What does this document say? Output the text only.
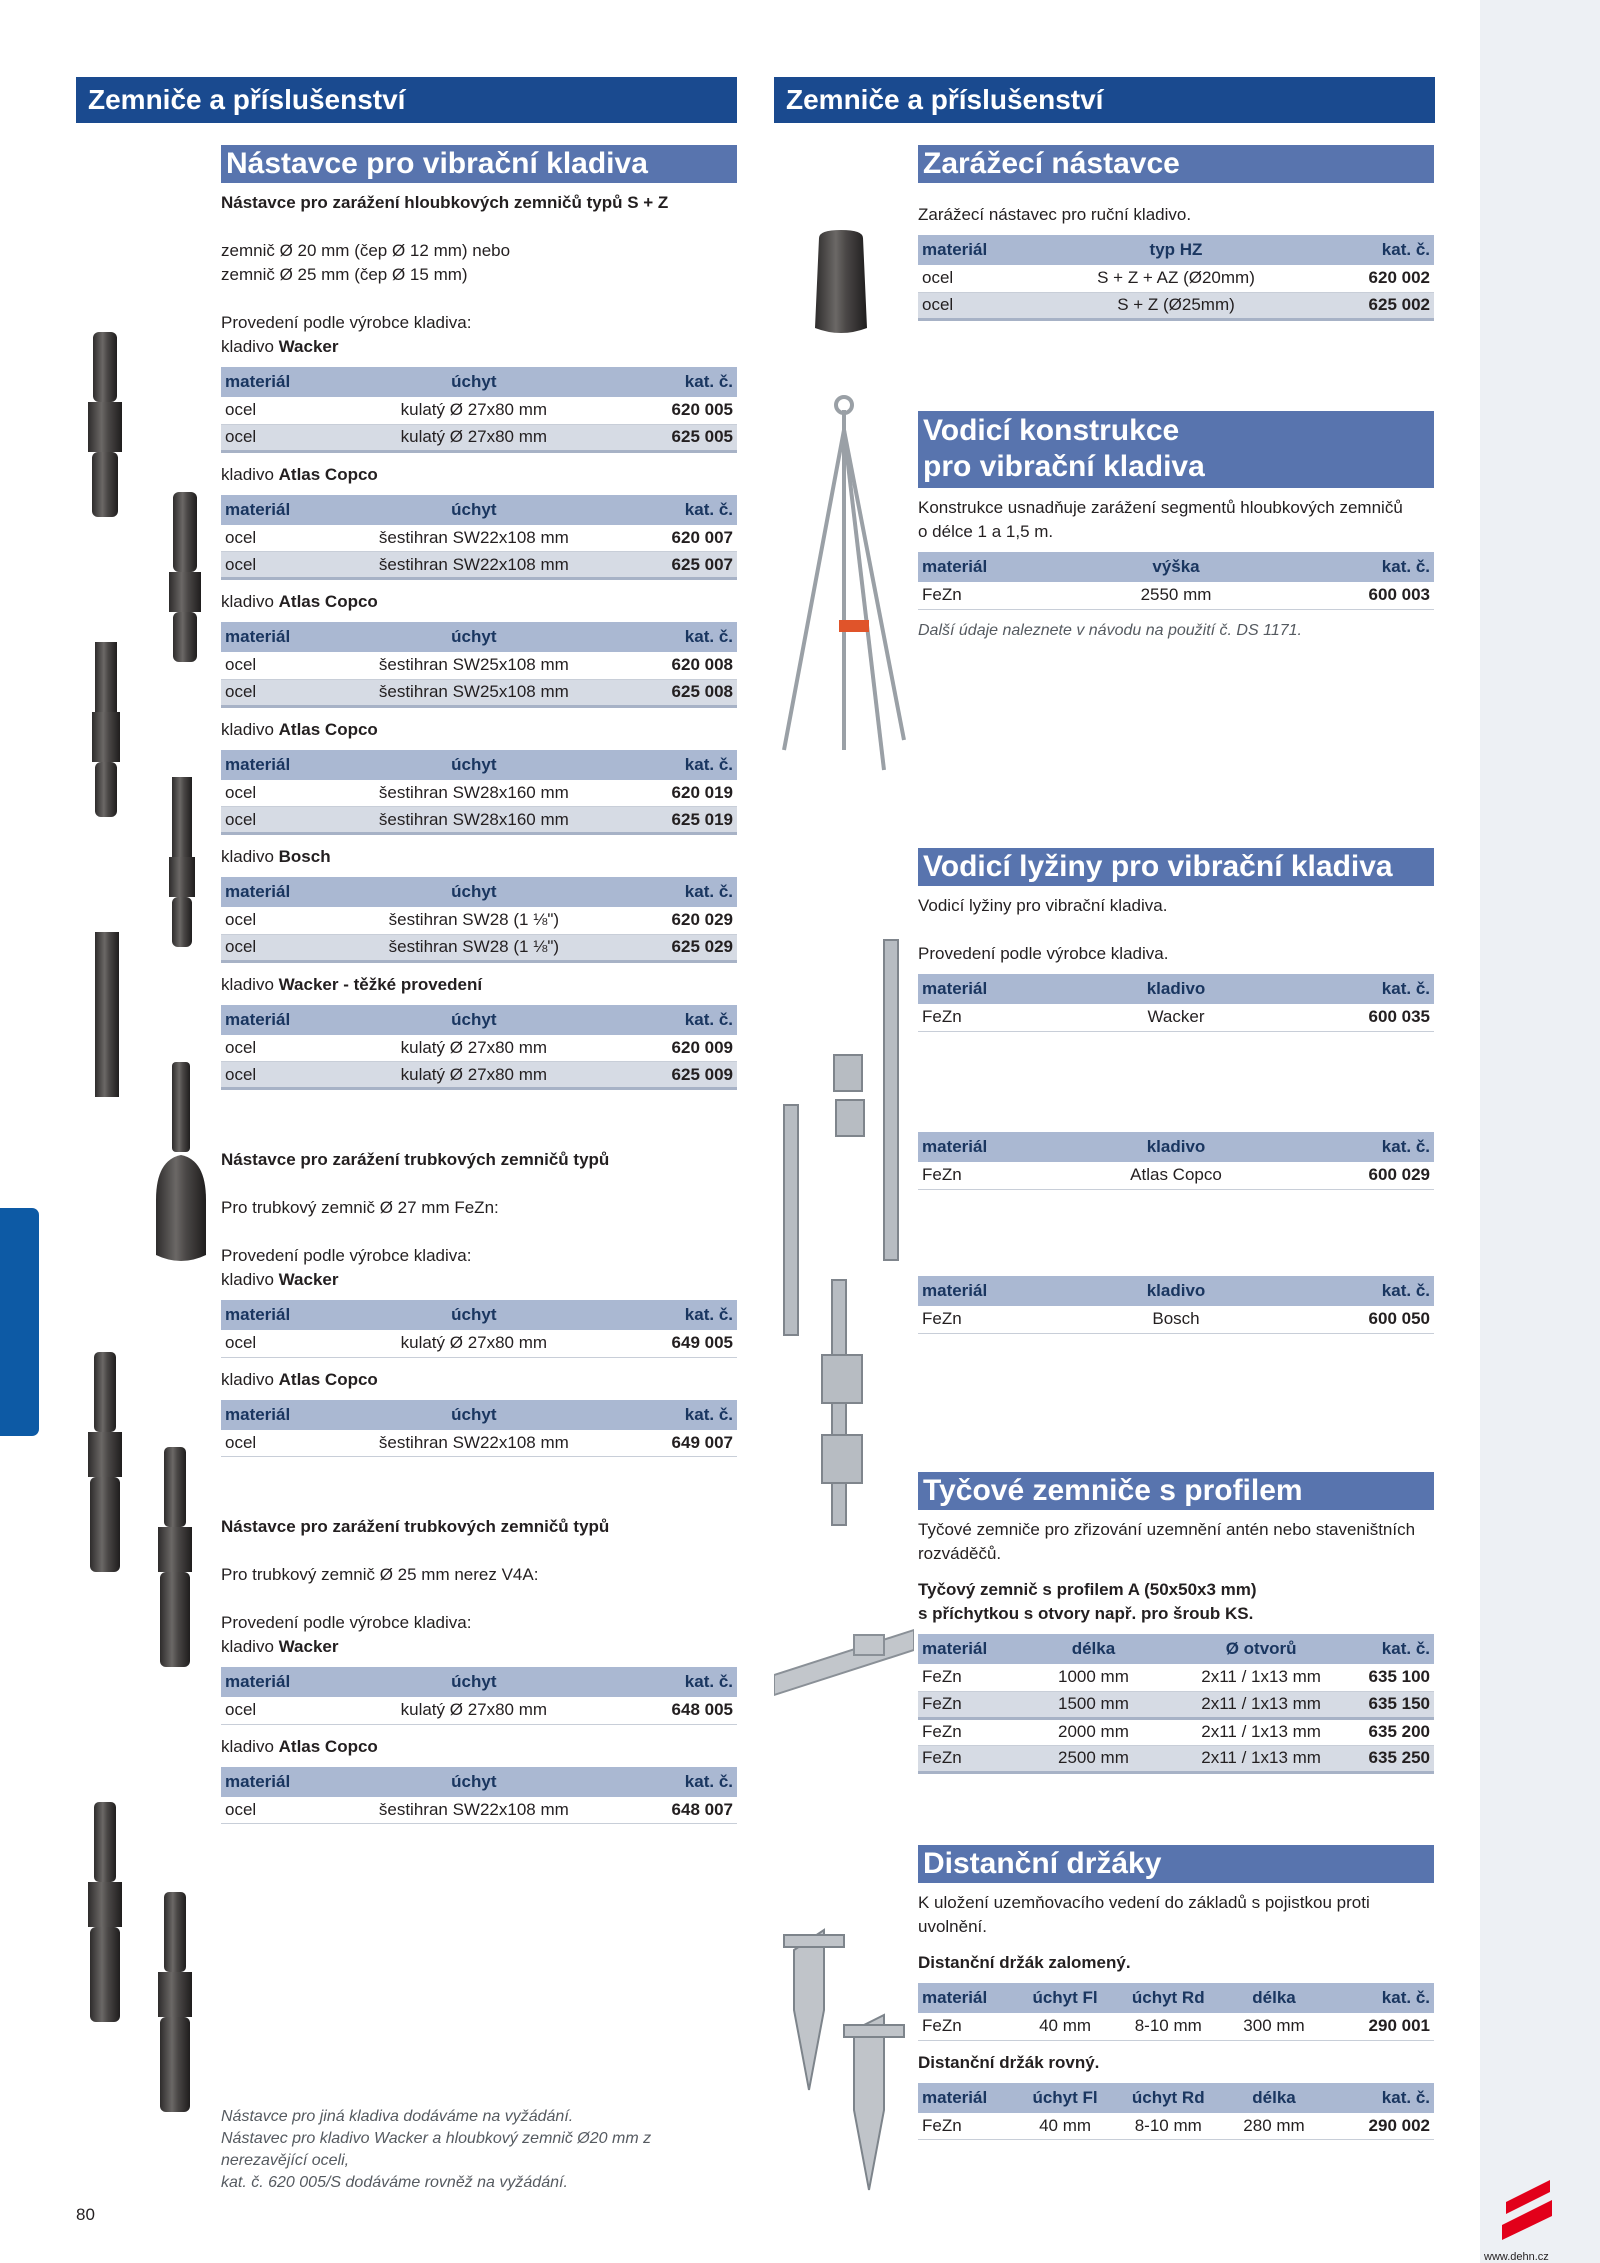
Zemniče a příslušenství	Zemniče a příslušenství
Nástavce pro vibrační kladiva
Nástavce pro zarážení hloubkových zemničů typů S + Z
zemnič Ø 20 mm (čep Ø 12 mm) nebo
zemnič Ø 25 mm (čep Ø 15 mm)
Provedení podle výrobce kladiva:
kladivo Wacker
materiál	úchyt	kat. č.
ocel	kulatý Ø 27x80 mm	620 005
ocel	kulatý Ø 27x80 mm	625 005
kladivo Atlas Copco
materiál	úchyt	kat. č.
ocel	šestihran SW22x108 mm	620 007
ocel	šestihran SW22x108 mm	625 007
kladivo Atlas Copco
materiál	úchyt	kat. č.
ocel	šestihran SW25x108 mm	620 008
ocel	šestihran SW25x108 mm	625 008
kladivo Atlas Copco
materiál	úchyt	kat. č.
ocel	šestihran SW28x160 mm	620 019
ocel	šestihran SW28x160 mm	625 019
kladivo Bosch
materiál	úchyt	kat. č.
ocel	šestihran SW28 (1 ⅛ʺ)	620 029
ocel	šestihran SW28 (1 ⅛ʺ)	625 029
kladivo Wacker - těžké provedení
materiál	úchyt	kat. č.
ocel	kulatý Ø 27x80 mm	620 009
ocel	kulatý Ø 27x80 mm	625 009
Nástavce pro zarážení trubkových zemničů typů
Pro trubkový zemnič Ø 27 mm FeZn:
Provedení podle výrobce kladiva:
kladivo Wacker
materiál	úchyt	kat. č.
ocel	kulatý Ø 27x80 mm	649 005
kladivo Atlas Copco
materiál	úchyt	kat. č.
ocel	šestihran SW22x108 mm	649 007
Nástavce pro zarážení trubkových zemničů typů
Pro trubkový zemnič Ø 25 mm nerez V4A:
Provedení podle výrobce kladiva:
kladivo Wacker
materiál	úchyt	kat. č.
ocel	kulatý Ø 27x80 mm	648 005
kladivo Atlas Copco
materiál	úchyt	kat. č.
ocel	šestihran SW22x108 mm	648 007
Nástavce pro jiná kladiva dodáváme na vyžádání.
Nástavec pro kladivo Wacker a hloubkový zemnič Ø20 mm z nerezavějící oceli,
kat. č. 620 005/S dodáváme rovněž na vyžádání.
Zarážecí nástavce
Zarážecí nástavec pro ruční kladivo.
materiál	typ HZ	kat. č.
ocel	S + Z + AZ (Ø20mm)	620 002
ocel	S + Z (Ø25mm)	625 002
Vodicí konstrukce
pro vibrační kladiva
Konstrukce usnadňuje zarážení segmentů hloubkových zemničů
o délce 1 a 1,5 m.
materiál	výška	kat. č.
FeZn	2550 mm	600 003
Další údaje naleznete v návodu na použití č. DS 1171.
Vodicí lyžiny pro vibrační kladiva
Vodicí lyžiny pro vibrační kladiva.
Provedení podle výrobce kladiva.
materiál	kladivo	kat. č.
FeZn	Wacker	600 035
materiál	kladivo	kat. č.
FeZn	Atlas Copco	600 029
materiál	kladivo	kat. č.
FeZn	Bosch	600 050
Tyčové zemniče s profilem
Tyčové zemniče pro zřizování uzemnění antén nebo staveništních rozváděčů.
Tyčový zemnič s profilem A (50x50x3 mm)
s příchytkou s otvory např. pro šroub KS.
materiál	délka	Ø otvorů	kat. č.
FeZn	1000 mm	2x11 / 1x13 mm	635 100
FeZn	1500 mm	2x11 / 1x13 mm	635 150
FeZn	2000 mm	2x11 / 1x13 mm	635 200
FeZn	2500 mm	2x11 / 1x13 mm	635 250
Distanční držáky
K uložení uzemňovacího vedení do základů s pojistkou proti uvolnění.
Distanční držák zalomený.
materiál	úchyt Fl	úchyt Rd	délka	kat. č.
FeZn	40 mm	8-10 mm	300 mm	290 001
Distanční držák rovný.
materiál	úchyt Fl	úchyt Rd	délka	kat. č.
FeZn	40 mm	8-10 mm	280 mm	290 002
80
www.dehn.cz
